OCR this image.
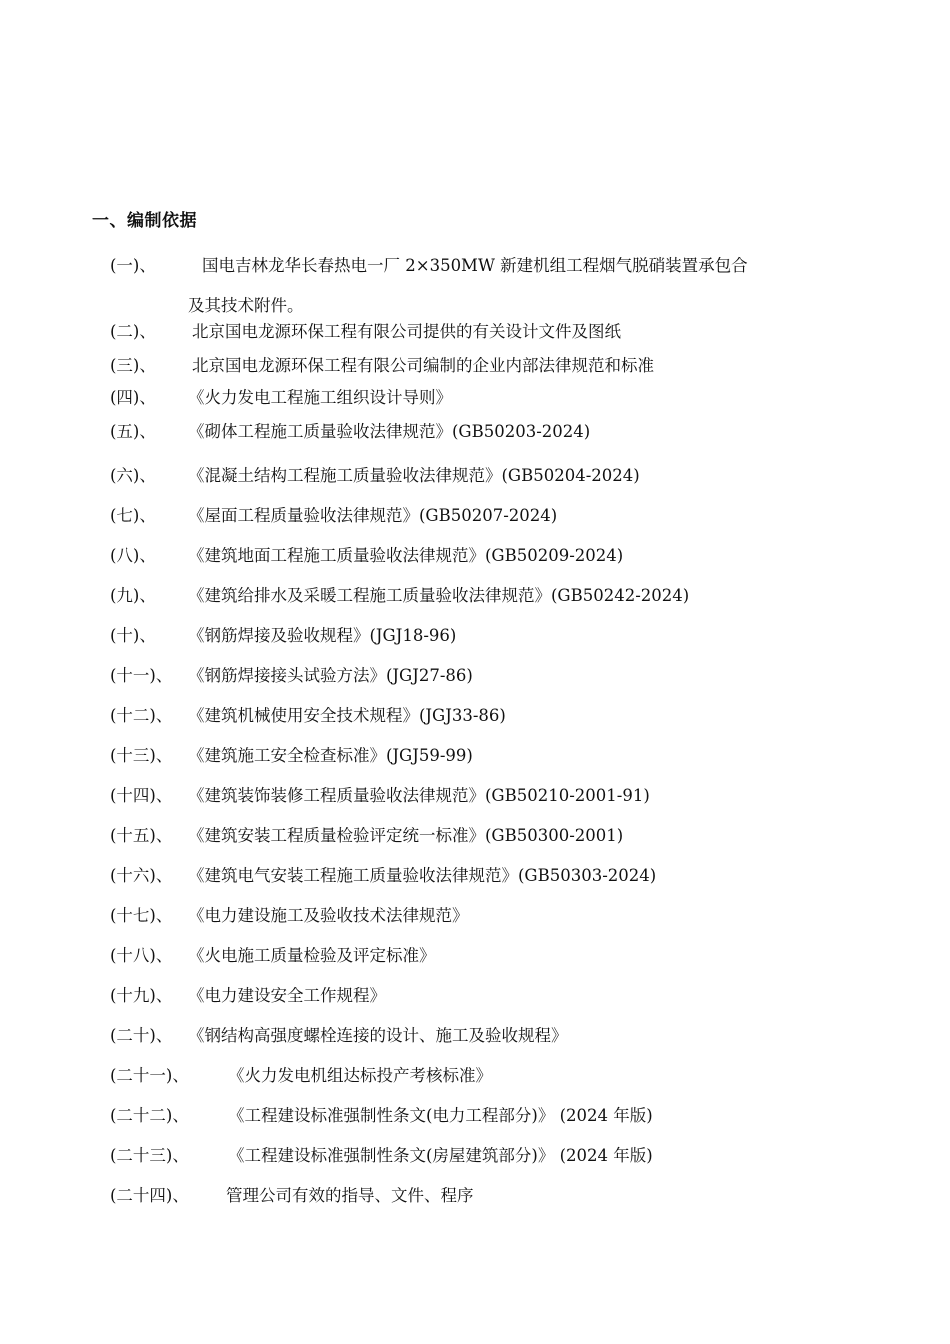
一、编制依据
(一)、	国电吉林龙华长春热电一厂 2×350MW 新建机组工程烟气脱硝装置承包合
及其技术附件。
(二)、 北京国电龙源环保工程有限公司提供的有关设计文件及图纸
(三)、 北京国电龙源环保工程有限公司编制的企业内部法律规范和标准
(四)、 《火力发电工程施工组织设计导则》
(五)、 《砌体工程施工质量验收法律规范》(GB50203-2024)
(六)、 《混凝土结构工程施工质量验收法律规范》(GB50204-2024)
(七)、 《屋面工程质量验收法律规范》(GB50207-2024)
(八)、 《建筑地面工程施工质量验收法律规范》(GB50209-2024)
(九)、 《建筑给排水及采暖工程施工质量验收法律规范》(GB50242-2024)
(十)、 《钢筋焊接及验收规程》(JGJ18-96)
(十一)、 《钢筋焊接接头试验方法》(JGJ27-86)
(十二)、 《建筑机械使用安全技术规程》(JGJ33-86)
(十三)、 《建筑施工安全检查标准》(JGJ59-99)
(十四)、 《建筑装饰装修工程质量验收法律规范》(GB50210-2001-91)
(十五)、 《建筑安装工程质量检验评定统一标准》(GB50300-2001)
(十六)、 《建筑电气安装工程施工质量验收法律规范》(GB50303-2024)
(十七)、 《电力建设施工及验收技术法律规范》
(十八)、 《火电施工质量检验及评定标准》
(十九)、 《电力建设安全工作规程》
(二十)、 《钢结构高强度螺栓连接的设计、施工及验收规程》
(二十一)、 《火力发电机组达标投产考核标准》
(二十二)、 《工程建设标准强制性条文(电力工程部分)》 (2024 年版)
(二十三)、 《工程建设标准强制性条文(房屋建筑部分)》 (2024 年版)
(二十四)、 管理公司有效的指导、文件、程序
